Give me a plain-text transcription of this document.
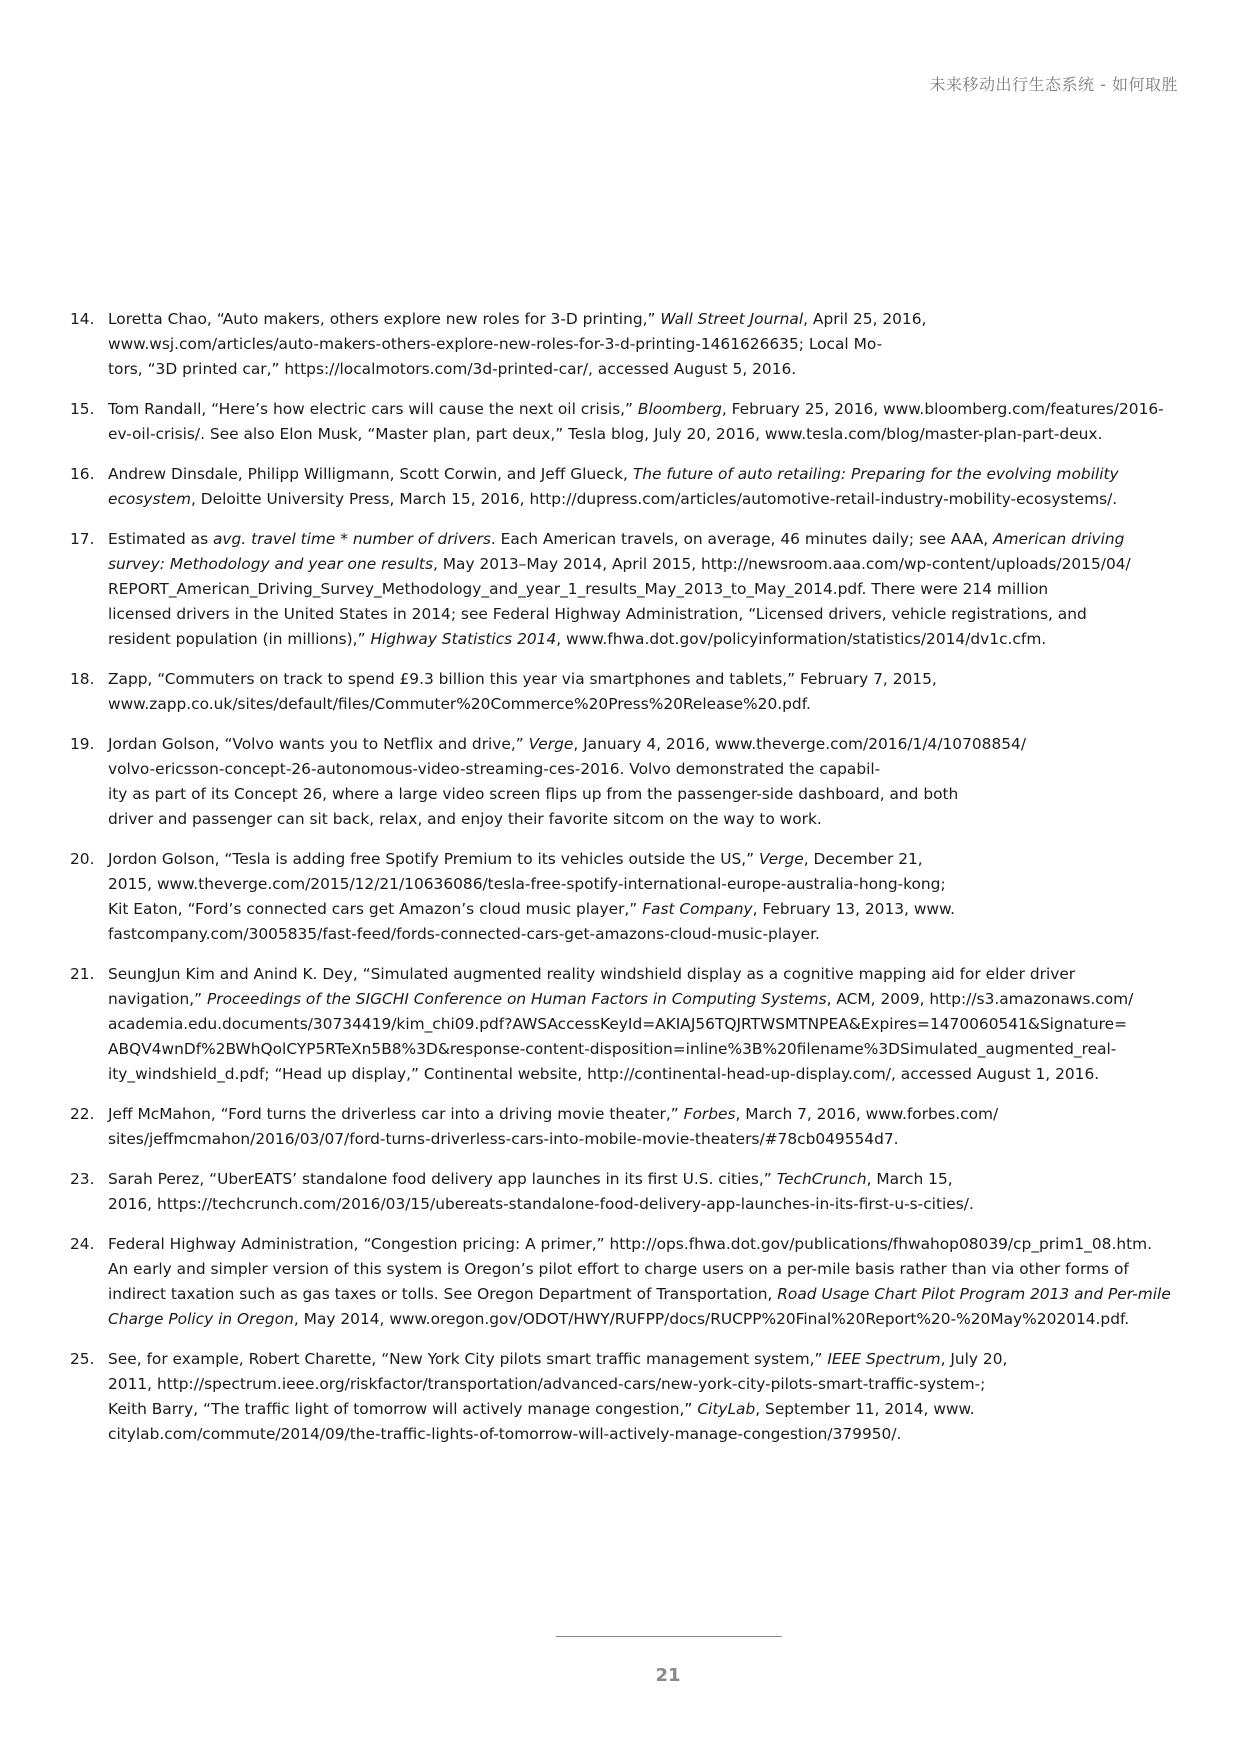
未来移动出行生态系统 - 如何取胜
14. Loretta Chao, “Auto makers, others explore new roles for 3-D printing,” Wall Street Journal, April 25, 2016,
www.wsj.com/articles/auto-makers-others-explore-new-roles-for-3-d-printing-1461626635; Local Mo-
tors, “3D printed car,” https://localmotors.com/3d-printed-car/, accessed August 5, 2016.
15. Tom Randall, “Here’s how electric cars will cause the next oil crisis,” Bloomberg, February 25, 2016, www.bloomberg.com/features/2016-
ev-oil-crisis/. See also Elon Musk, “Master plan, part deux,” Tesla blog, July 20, 2016, www.tesla.com/blog/master-plan-part-deux.
16. Andrew Dinsdale, Philipp Willigmann, Scott Corwin, and Jeff Glueck, The future of auto retailing: Preparing for the evolving mobility
ecosystem, Deloitte University Press, March 15, 2016, http://dupress.com/articles/automotive-retail-industry-mobility-ecosystems/.
17. Estimated as avg. travel time * number of drivers. Each American travels, on average, 46 minutes daily; see AAA, American driving
survey: Methodology and year one results, May 2013–May 2014, April 2015, http://newsroom.aaa.com/wp-content/uploads/2015/04/
REPORT_American_Driving_Survey_Methodology_and_year_1_results_May_2013_to_May_2014.pdf. There were 214 million
licensed drivers in the United States in 2014; see Federal Highway Administration, “Licensed drivers, vehicle registrations, and
resident population (in millions),” Highway Statistics 2014, www.fhwa.dot.gov/policyinformation/statistics/2014/dv1c.cfm.
18. Zapp, “Commuters on track to spend £9.3 billion this year via smartphones and tablets,” February 7, 2015,
www.zapp.co.uk/sites/default/files/Commuter%20Commerce%20Press%20Release%20.pdf.
19. Jordan Golson, “Volvo wants you to Netflix and drive,” Verge, January 4, 2016, www.theverge.com/2016/1/4/10708854/
volvo-ericsson-concept-26-autonomous-video-streaming-ces-2016. Volvo demonstrated the capabil-
ity as part of its Concept 26, where a large video screen flips up from the passenger-side dashboard, and both
driver and passenger can sit back, relax, and enjoy their favorite sitcom on the way to work.
20. Jordon Golson, “Tesla is adding free Spotify Premium to its vehicles outside the US,” Verge, December 21,
2015, www.theverge.com/2015/12/21/10636086/tesla-free-spotify-international-europe-australia-hong-kong;
Kit Eaton, “Ford’s connected cars get Amazon’s cloud music player,” Fast Company, February 13, 2013, www.
fastcompany.com/3005835/fast-feed/fords-connected-cars-get-amazons-cloud-music-player.
21. SeungJun Kim and Anind K. Dey, “Simulated augmented reality windshield display as a cognitive mapping aid for elder driver
navigation,” Proceedings of the SIGCHI Conference on Human Factors in Computing Systems, ACM, 2009, http://s3.amazonaws.com/
academia.edu.documents/30734419/kim_chi09.pdf?AWSAccessKeyId=AKIAJ56TQJRTWSMTNPEA&Expires=1470060541&Signature=
ABQV4wnDf%2BWhQolCYP5RTeXn5B8%3D&response-content-disposition=inline%3B%20filename%3DSimulated_augmented_real-
ity_windshield_d.pdf; “Head up display,” Continental website, http://continental-head-up-display.com/, accessed August 1, 2016.
22. Jeff McMahon, “Ford turns the driverless car into a driving movie theater,” Forbes, March 7, 2016, www.forbes.com/
sites/jeffmcmahon/2016/03/07/ford-turns-driverless-cars-into-mobile-movie-theaters/#78cb049554d7.
23. Sarah Perez, “UberEATS’ standalone food delivery app launches in its first U.S. cities,” TechCrunch, March 15,
2016, https://techcrunch.com/2016/03/15/ubereats-standalone-food-delivery-app-launches-in-its-first-u-s-cities/.
24. Federal Highway Administration, “Congestion pricing: A primer,” http://ops.fhwa.dot.gov/publications/fhwahop08039/cp_prim1_08.htm.
An early and simpler version of this system is Oregon’s pilot effort to charge users on a per-mile basis rather than via other forms of
indirect taxation such as gas taxes or tolls. See Oregon Department of Transportation, Road Usage Chart Pilot Program 2013 and Per-mile
Charge Policy in Oregon, May 2014, www.oregon.gov/ODOT/HWY/RUFPP/docs/RUCPP%20Final%20Report%20-%20May%202014.pdf.
25. See, for example, Robert Charette, “New York City pilots smart traffic management system,” IEEE Spectrum, July 20,
2011, http://spectrum.ieee.org/riskfactor/transportation/advanced-cars/new-york-city-pilots-smart-traffic-system-;
Keith Barry, “The traffic light of tomorrow will actively manage congestion,” CityLab, September 11, 2014, www.
citylab.com/commute/2014/09/the-traffic-lights-of-tomorrow-will-actively-manage-congestion/379950/.
21
